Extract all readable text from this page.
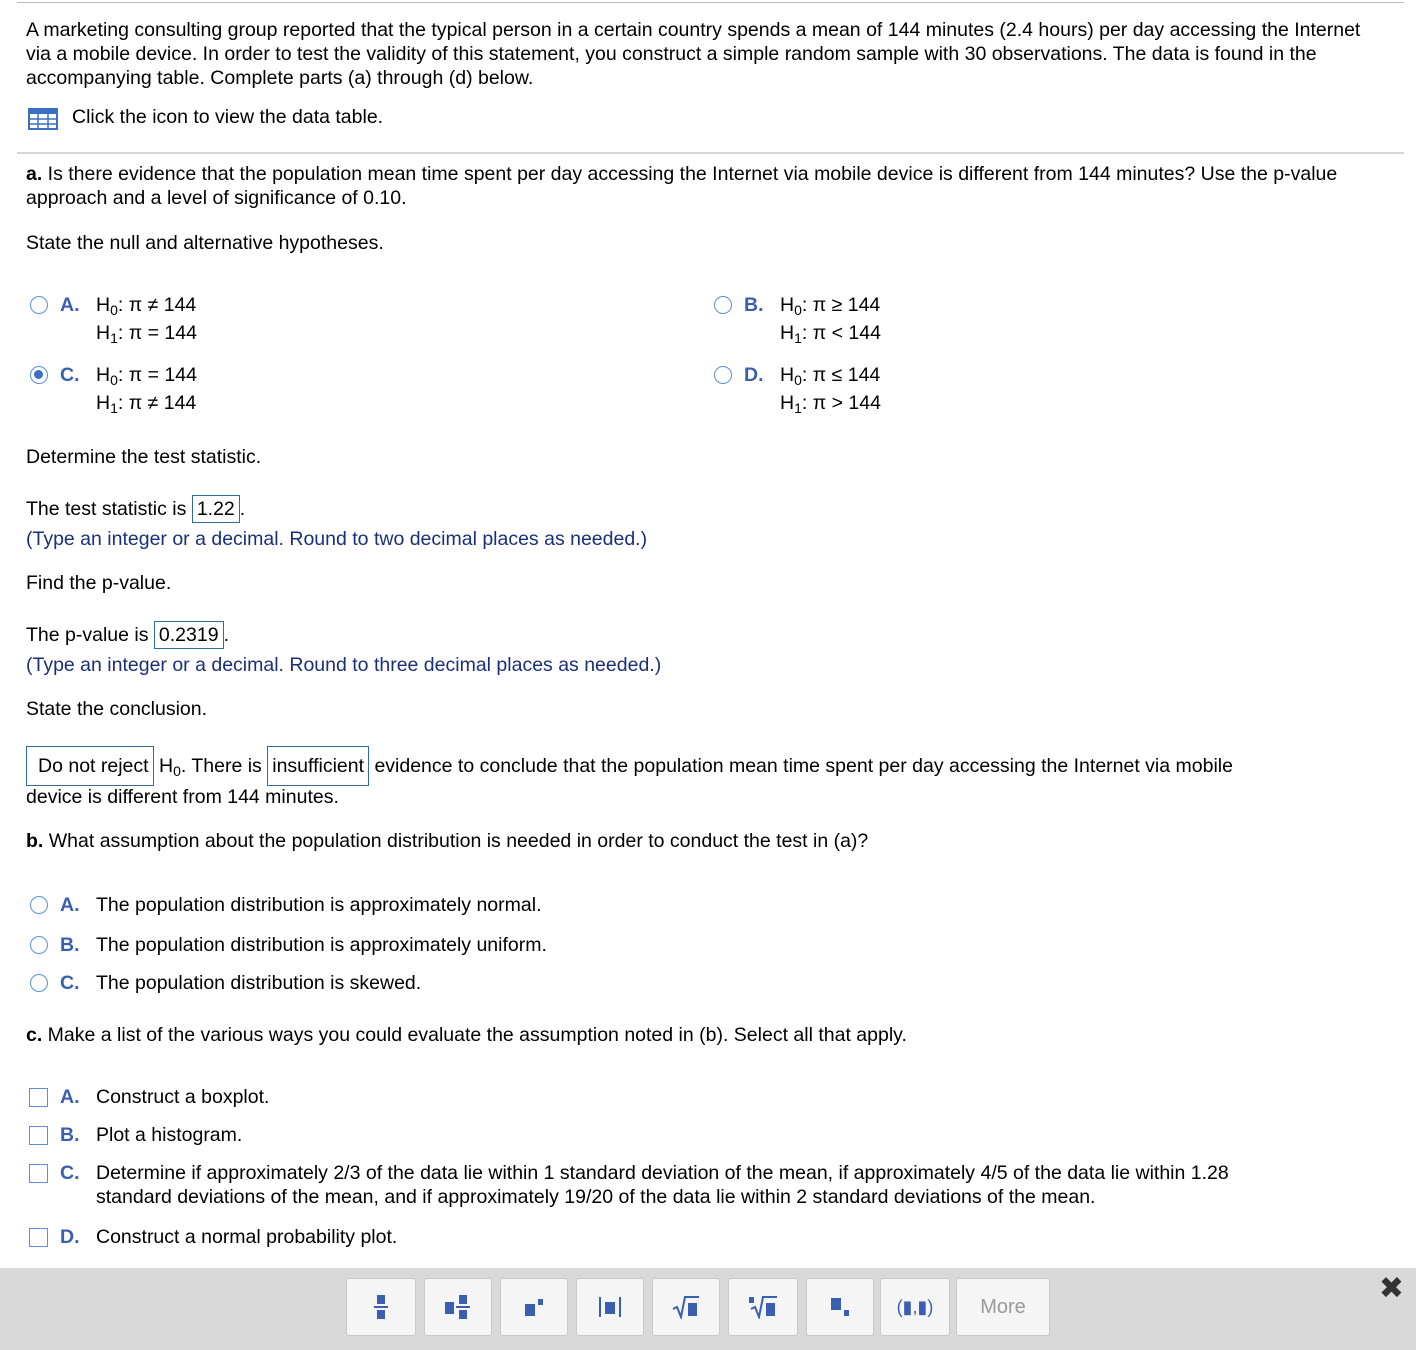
A marketing consulting group reported that the typical person in a certain country spends a mean of 144 minutes (2.4 hours) per day accessing the Internet via a mobile device. In order to test the validity of this statement, you construct a simple random sample with 30 observations. The data is found in the accompanying table. Complete parts (a) through (d) below.
Click the icon to view the data table.
a. Is there evidence that the population mean time spent per day accessing the Internet via mobile device is different from 144 minutes? Use the p-value approach and a level of significance of 0.10.
State the null and alternative hypotheses.
A. $H_0$: π ≠ 144
$H_1$: π = 144
B. $H_0$: π ≥ 144
$H_1$: π < 144
C. $H_0$: π = 144
$H_1$: π ≠ 144
D. $H_0$: π ≤ 144
$H_1$: π > 144
Determine the test statistic.
The test statistic is 1.22 .
(Type an integer or a decimal. Round to two decimal places as needed.)
Find the p-value.
The p-value is 0.2319 .
(Type an integer or a decimal. Round to three decimal places as needed.)
State the conclusion.
Do not reject $H_0$. There is insufficient evidence to conclude that the population mean time spent per day accessing the Internet via mobile
device is different from 144 minutes.
b. What assumption about the population distribution is needed in order to conduct the test in (a)?
A. The population distribution is approximately normal.
B. The population distribution is approximately uniform.
C. The population distribution is skewed.
c. Make a list of the various ways you could evaluate the assumption noted in (b). Select all that apply.
A. Construct a boxplot.
B. Plot a histogram.
C. Determine if approximately 2/3 of the data lie within 1 standard deviation of the mean, if approximately 4/5 of the data lie within 1.28
standard deviations of the mean, and if approximately 19/20 of the data lie within 2 standard deviations of the mean.
D. Construct a normal probability plot.
(▮,▮)	More
✖
